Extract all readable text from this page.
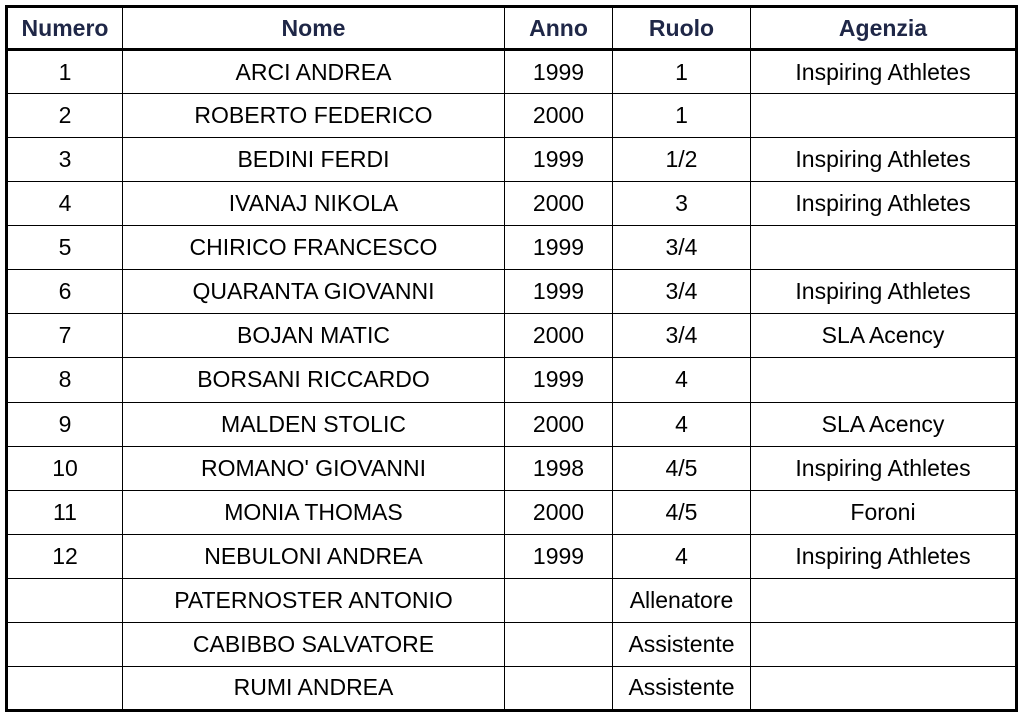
Numero	Nome	Anno	Ruolo	Agenzia
1	ARCI ANDREA	1999	1	Inspiring Athletes
2	ROBERTO FEDERICO	2000	1	
3	BEDINI FERDI	1999	1/2	Inspiring Athletes
4	IVANAJ NIKOLA	2000	3	Inspiring Athletes
5	CHIRICO FRANCESCO	1999	3/4	
6	QUARANTA GIOVANNI	1999	3/4	Inspiring Athletes
7	BOJAN MATIC	2000	3/4	SLA Acency
8	BORSANI RICCARDO	1999	4	
9	MALDEN STOLIC	2000	4	SLA Acency
10	ROMANO' GIOVANNI	1998	4/5	Inspiring Athletes
11	MONIA THOMAS	2000	4/5	Foroni
12	NEBULONI ANDREA	1999	4	Inspiring Athletes
	PATERNOSTER ANTONIO		Allenatore	
	CABIBBO SALVATORE		Assistente	
	RUMI ANDREA		Assistente	
